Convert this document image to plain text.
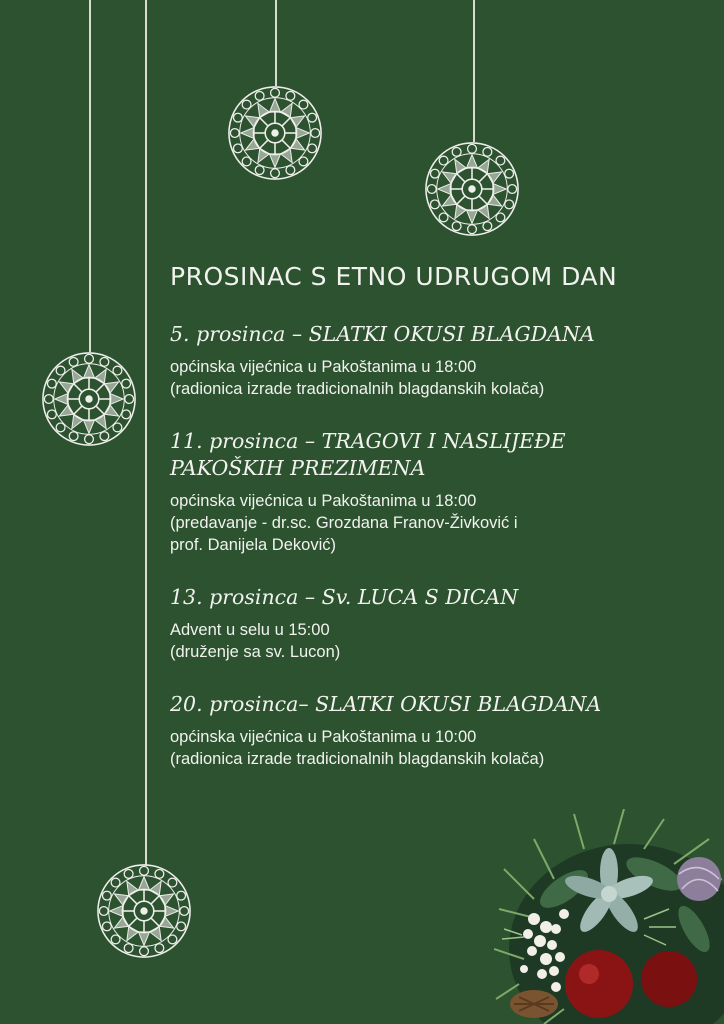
PROSINAC S ETNO UDRUGOM DAN
5. prosinca – SLATKI OKUSI BLAGDANA
općinska vijećnica u Pakoštanima u 18:00
(radionica izrade tradicionalnih blagdanskih kolača)
11. prosinca – TRAGOVI I NASLIJEĐE
PAKOŠKIH PREZIMENA
općinska vijećnica u Pakoštanima u 18:00
(predavanje - dr.sc. Grozdana Franov-Živković i
prof. Danijela Deković)
13. prosinca – Sv. LUCA S DICAN
Advent u selu u 15:00
(druženje sa sv. Lucon)
20. prosinca– SLATKI OKUSI BLAGDANA
općinska vijećnica u Pakoštanima u 10:00
(radionica izrade tradicionalnih blagdanskih kolača)
